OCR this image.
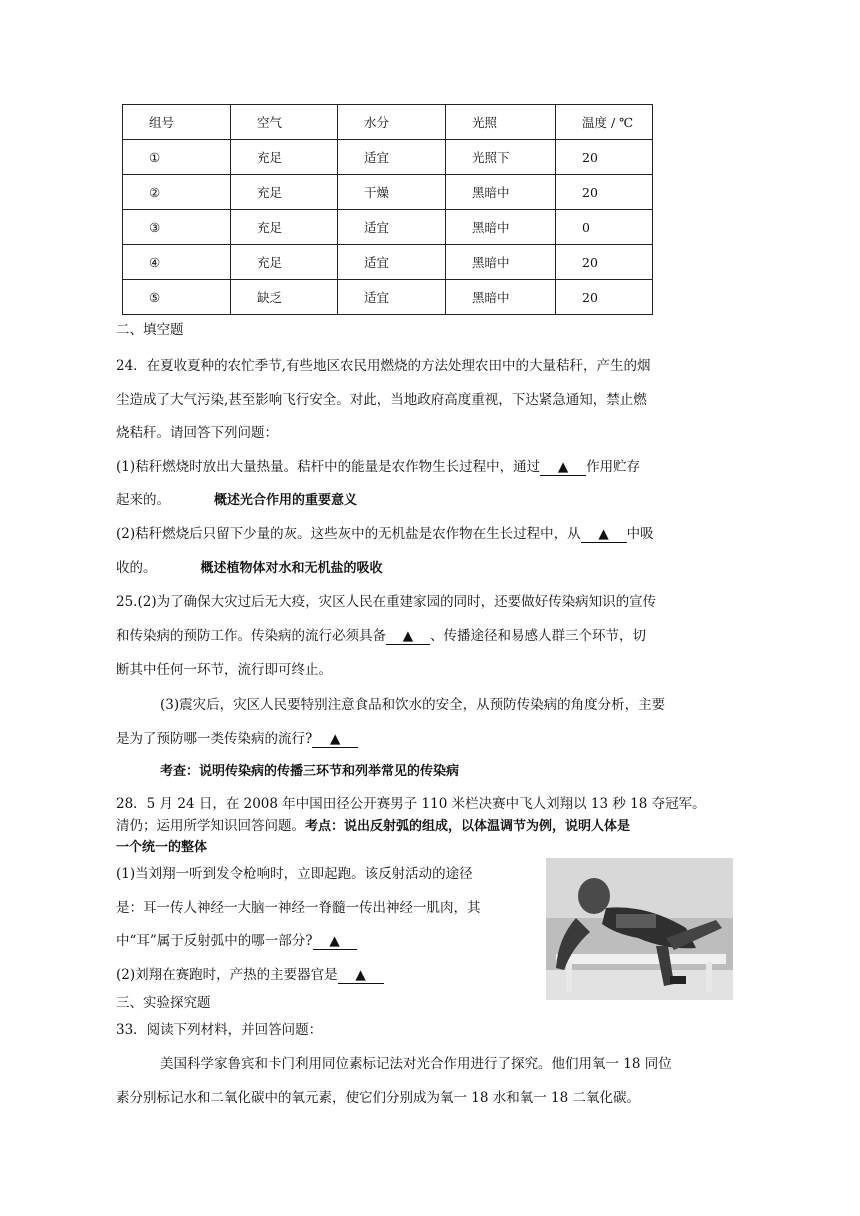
组号	空气	水分	光照	温度 / ℃
①	充足	适宜	光照下	20
②	充足	干燥	黑暗中	20
③	充足	适宜	黑暗中	0
④	充足	适宜	黑暗中	20
⑤	缺乏	适宜	黑暗中	20
二、填空题
24．在夏收夏种的农忙季节,有些地区农民用燃烧的方法处理农田中的大量秸秆，产生的烟
尘造成了大气污染,甚至影响飞行安全。对此，当地政府高度重视，下达紧急通知，禁止燃
烧秸秆。请回答下列问题：
(1)秸秆燃烧时放出大量热量。秸杆中的能量是农作物生长过程中，通过 ▲ 作用贮存
起来的。	概述光合作用的重要意义
(2)秸秆燃烧后只留下少量的灰。这些灰中的无机盐是农作物在生长过程中，从 ▲ 中吸
收的。	概述植物体对水和无机盐的吸收
25.(2)为了确保大灾过后无大疫，灾区人民在重建家园的同时，还要做好传染病知识的宣传
和传染病的预防工作。传染病的流行必须具备 ▲ 、传播途径和易感人群三个环节，切
断其中任何一环节，流行即可终止。
(3)震灾后，灾区人民要特别注意食品和饮水的安全，从预防传染病的角度分析，主要
是为了预防哪一类传染病的流行? ▲
考查：说明传染病的传播三环节和列举常见的传染病
28．5 月 24 日，在 2008 年中国田径公开赛男子 110 米栏决赛中飞人刘翔以 13 秒 18 夺冠军。
清仍；运用所学知识回答问题。考点：说出反射弧的组成，以体温调节为例，说明人体是
一个统一的整体
(1)当刘翔一听到发令枪响时，立即起跑。该反射活动的途径
是：耳一传人神经一大脑一神经一脊髓一传出神经一肌肉，其
中“耳”属于反射弧中的哪一部分? ▲
(2)刘翔在赛跑时，产热的主要器官是 ▲
三、实验探究题
33．阅读下列材料，并回答问题：
美国科学家鲁宾和卡门利用同位素标记法对光合作用进行了探究。他们用氧一 18 同位
素分别标记水和二氧化碳中的氧元素，使它们分别成为氧一 18 水和氧一 18 二氧化碳。
